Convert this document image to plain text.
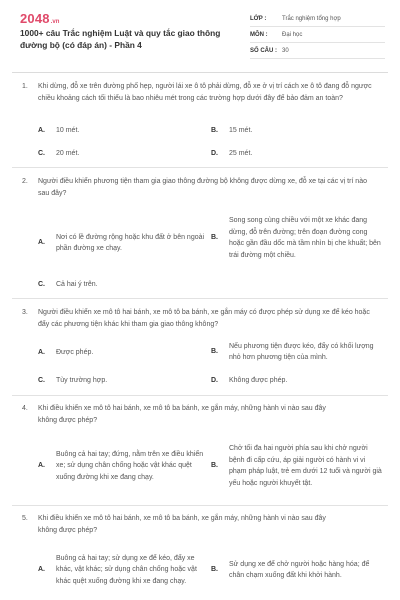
2048 .vn
1000+ câu Trắc nghiệm Luật và quy tắc giao thông đường bộ (có đáp án) - Phần 4
LỚP :	Trắc nghiệm tổng hợp
MÔN :	Đại học
SỐ CÂU : 30
1.	Khi dừng, đỗ xe trên đường phố hẹp, người lái xe ô tô phải dừng, đỗ xe ở vị trí cách xe ô tô đang đỗ ngược chiều khoảng cách tối thiểu là bao nhiêu mét trong các trường hợp dưới đây để bảo đảm an toàn?
A.	10 mét.	B.	15 mét.
C.	20 mét.	D.	25 mét.
2.	Người điều khiển phương tiện tham gia giao thông đường bộ không được dừng xe, đỗ xe tại các vị trí nào sau đây?
A.
Nơi có lề đường rộng hoặc khu đất ở bên ngoài phần đường xe chạy.
B.
Song song cùng chiều với một xe khác đang dừng, đỗ trên đường; trên đoạn đường cong hoặc gần đầu dốc mà tầm nhìn bị che khuất; bên trái đường một chiều.
C.	Cả hai ý trên.
3.	Người điều khiển xe mô tô hai bánh, xe mô tô ba bánh, xe gắn máy có được phép sử dụng xe để kéo hoặc đẩy các phương tiện khác khi tham gia giao thông không?
A.	Được phép.	B.
Nếu phương tiện được kéo, đẩy có khối lượng nhỏ hơn phương tiện của mình.
C.	Tùy trường hợp.	D.	Không được phép.
4.	Khi điều khiển xe mô tô hai bánh, xe mô tô ba bánh, xe gắn máy, những hành vi nào sau đây không được phép?
A.
Buông cả hai tay; đứng, nằm trên xe điều khiển xe; sử dụng chân chống hoặc vật khác quệt xuống đường khi xe đang chạy.
B.
Chở tối đa hai người phía sau khi chở người bệnh đi cấp cứu, áp giải người có hành vi vi phạm pháp luật, trẻ em dưới 12 tuổi và người già yếu hoặc người khuyết tật.
5.	Khi điều khiển xe mô tô hai bánh, xe mô tô ba bánh, xe gắn máy, những hành vi nào sau đây không được phép?
A.
Buông cả hai tay; sử dụng xe để kéo, đẩy xe khác, vật khác; sử dụng chân chống hoặc vật khác quệt xuống đường khi xe đang chạy.
B.
Sử dụng xe để chở người hoặc hàng hóa; để chân chạm xuống đất khi khởi hành.
